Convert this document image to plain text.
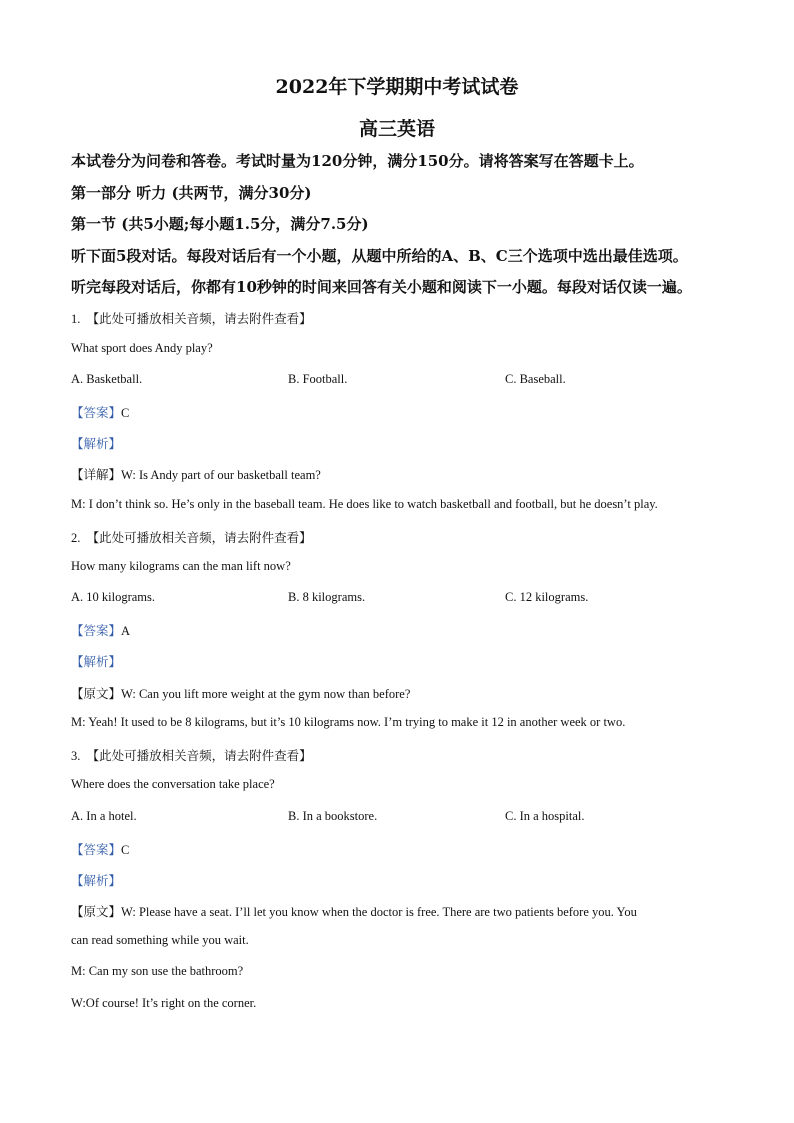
2022年下学期期中考试试卷
高三英语
本试卷分为问卷和答卷。考试时量为120分钟，满分150分。请将答案写在答题卡上。
第一部分 听力 (共两节，满分30分)
第一节 (共5小题;每小题1.5分，满分7.5分)
听下面5段对话。每段对话后有一个小题，从题中所给的A、B、C三个选项中选出最佳选项。
听完每段对话后，你都有10秒钟的时间来回答有关小题和阅读下一小题。每段对话仅读一遍。
1. 【此处可播放相关音频，请去附件查看】
What sport does Andy play?
A. Basketball.	B. Football.	C. Baseball.
【答案】C
【解析】
【详解】W: Is Andy part of our basketball team?
M: I don’t think so. He’s only in the baseball team. He does like to watch basketball and football, but he doesn’t play.
2. 【此处可播放相关音频，请去附件查看】
How many kilograms can the man lift now?
A. 10 kilograms.	B. 8 kilograms.	C. 12 kilograms.
【答案】A
【解析】
【原文】W: Can you lift more weight at the gym now than before?
M: Yeah! It used to be 8 kilograms, but it’s 10 kilograms now. I’m trying to make it 12 in another week or two.
3. 【此处可播放相关音频，请去附件查看】
Where does the conversation take place?
A. In a hotel.	B. In a bookstore.	C. In a hospital.
【答案】C
【解析】
【原文】W: Please have a seat. I’ll let you know when the doctor is free. There are two patients before you. You
can read something while you wait.
M: Can my son use the bathroom?
W:Of course! It’s right on the corner.
